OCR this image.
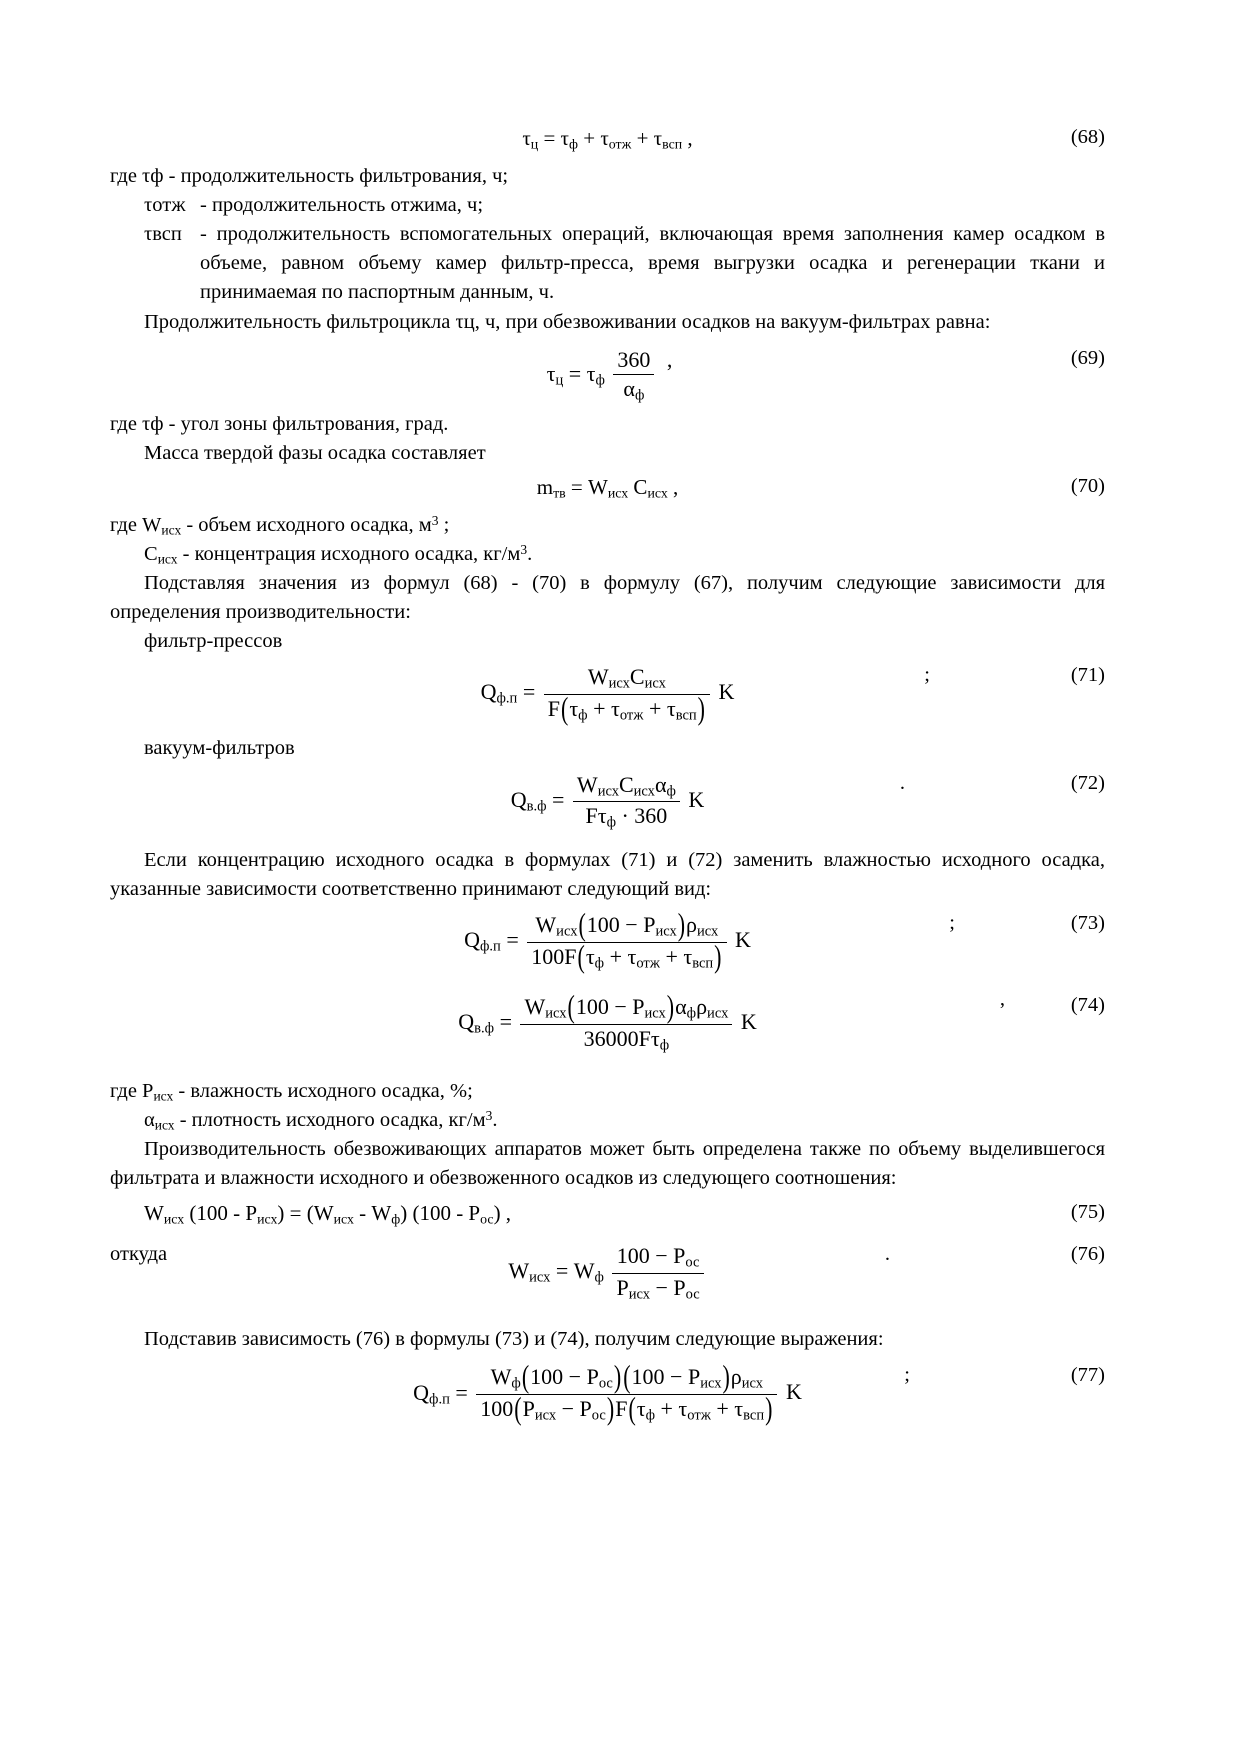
$\tau_ц = \tau_ф + \tau_{отж} + \tau_{всп}$ ,	(68)

где τф - продолжительность фильтрования, ч;

τотж - продолжительность отжима, ч;
τвсп - продолжительность вспомогательных операций, включающая время заполнения камер осадком в объеме, равном объему камер фильтр-пресса, время выгрузки осадка и регенерации ткани и принимаемая по паспортным данным, ч.

Продолжительность фильтроцикла τц, ч, при обезвоживании осадков на вакуум-фильтрах равна:

(69)
$\tau_ц = \tau_ф \frac{360}{\alpha_ф}$ ,

где τф - угол зоны фильтрования, град.

Масса твердой фазы осадка составляет

$m_{тв} = W_{исх}$ $C_{исх}$ ,	(70)

где $W_{исх}$ - объем исходного осадка, $м^3$ ;

$C_{исх}$ - концентрация исходного осадка, $кг/м^3$.

Подставляя значения из формул (68) - (70) в формулу (67), получим следующие зависимости для определения производительности:

фильтр-прессов

(71)
;
$Q_{ф.п} = \frac{W_{исх}C_{исх}}{F(\tau_ф + \tau_{отж} + \tau_{всп})}$ K

вакуум-фильтров

(72)
.
$Q_{в.ф} = \frac{W_{исх}C_{исх}\alpha_ф}{F\tau_ф \cdot 360}$ K

Если концентрацию исходного осадка в формулах (71) и (72) заменить влажностью исходного осадка, указанные зависимости соответственно принимают следующий вид:

(73)
;
$Q_{ф.п} = \frac{W_{исх}(100 - P_{исх})\rho_{исх}}{100F(\tau_ф + \tau_{отж} + \tau_{всп})}$ K
(74)
,
$Q_{в.ф} = \frac{W_{исх}(100 - P_{исх})\alpha_ф\rho_{исх}}{36000F\tau_ф}$ K

где $P_{исх}$ - влажность исходного осадка, %;

$\alpha_{исх}$ - плотность исходного осадка, $кг/м^3$.

Производительность обезвоживающих аппаратов может быть определена также по объему выделившегося фильтрата и влажности исходного и обезвоженного осадков из следующего соотношения:

$W_{исх}$ $(100 - P_{исх}) = (W_{исх} - W_ф)$ $(100 - P_{ос})$ ,	(75)
откуда	.	(76)
$W_{исх} = W_ф \frac{100 - P_{ос}}{P_{исх} - P_{ос}}$

Подставив зависимость (76) в формулы (73) и (74), получим следующие выражения:

(77)
;
$Q_{ф.п} = \frac{W_ф(100 - P_{ос})(100 - P_{исх})\rho_{исх}}{100(P_{исх} - P_{ос})F(\tau_ф + \tau_{отж} + \tau_{всп})}$ K
